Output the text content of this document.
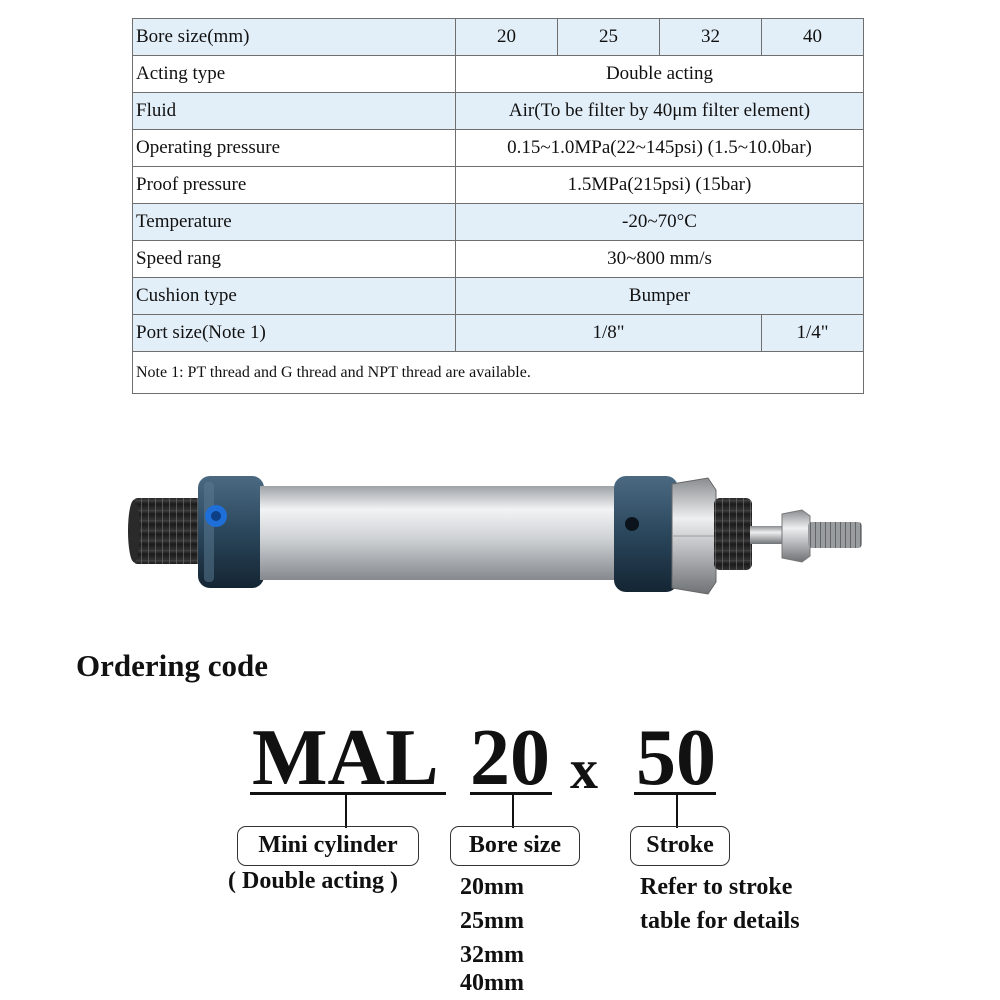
Bore size(mm)	20	25	32	40
Acting type	Double acting			
Fluid	Air(To be filter by 40μm filter element)			
Operating pressure	0.15~1.0MPa(22~145psi) (1.5~10.0bar)			
Proof pressure	1.5MPa(215psi) (15bar)			
Temperature	-20~70°C			
Speed rang	30~800 mm/s			
Cushion type	Bumper			
Port size(Note 1)	1/8"			1/4"
Note 1: PT thread and G thread and NPT thread are available.				
Ordering code
MAL 20 x 50
Mini cylinder
( Double acting )
Bore size
20mm
25mm
32mm
40mm
Stroke
Refer to stroke
table for details
